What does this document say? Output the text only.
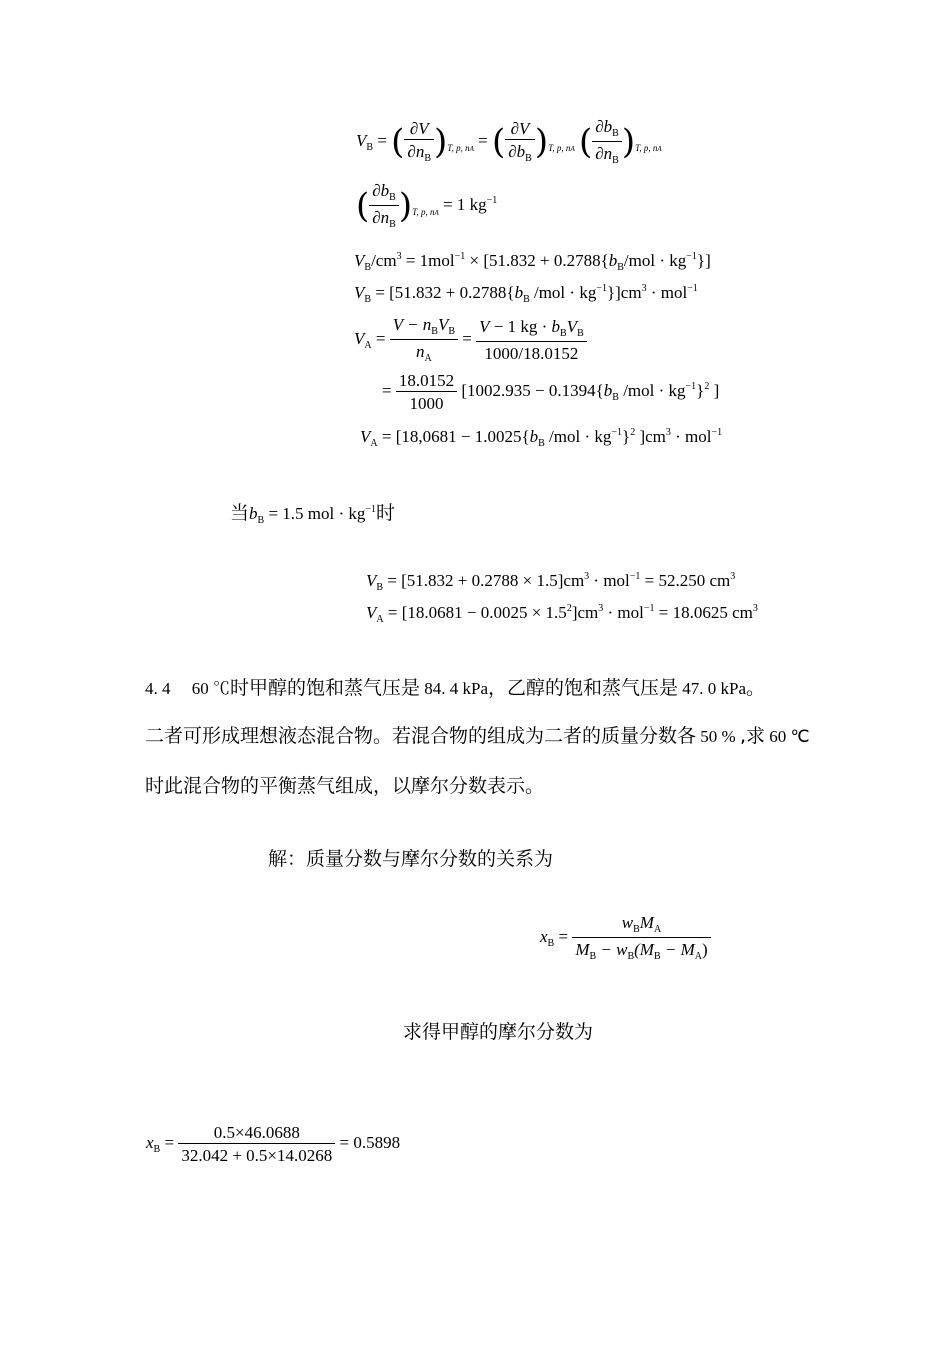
$V_B$ = ( $\frac{\partial V}{\partial n_B} )_{T, p, nA}$ = ( $\frac{\partial V}{\partial b_B} )_{T, p, nA}$ ( $\frac{\partial b_B}{\partial n_B} )_{T, p, nA}$
( $\frac{\partial b_B}{\partial n_B} )_{T, p, nA} = 1$ $kg^{-1}$
$V_B/cm^3 = 1mol^{-1} \times [51.832 + 0.2788\{b_B/mol \cdot kg^{-1}\}]$
$V_B = [51.832 + 0.2788\{b_B$ $/mol \cdot kg^{-1}\}]cm^3 \cdot mol^{-1}$
$V_A = \frac{V - n_BV_B}{n_A} = \frac{V - 1 kg \cdot b_BV_B}{1000/18.0152}$
= $\frac{18.0152}{1000} [1002.935 - 0.1394\{b_B$ $/mol \cdot kg^{-1}\}^2$ ]
$V_A = [18,0681 - 1.0025\{b_B$ $/mol \cdot kg^{-1}\}^2$ ]$cm^3 \cdot mol^{-1}$
当$b_B = 1.5$ mol · $kg^{-1}$时
$V_B = [51.832 + 0.2788 \times 1.5]cm^3 \cdot mol^{-1} = 52.250$ $cm^3$
$V_A = [18.0681 - 0.0025 \times 1.5^2]cm^3 \cdot mol^{-1} = 18.0625$ $cm^3$
4. 4　 60 ℃时甲醇的饱和蒸气压是 84. 4 kPa，乙醇的饱和蒸气压是 47. 0 kPa。
二者可形成理想液态混合物。若混合物的组成为二者的质量分数各 50 % ,求 60 ℃
时此混合物的平衡蒸气组成，以摩尔分数表示。
解：质量分数与摩尔分数的关系为
$x_B = \frac{w_BM_A}{M_B - w_B(M_B - M_A)}$
求得甲醇的摩尔分数为
$x_B = \frac{0.5\times 46.0688}{32.042 + 0.5\times 14.0268} = 0.5898$
